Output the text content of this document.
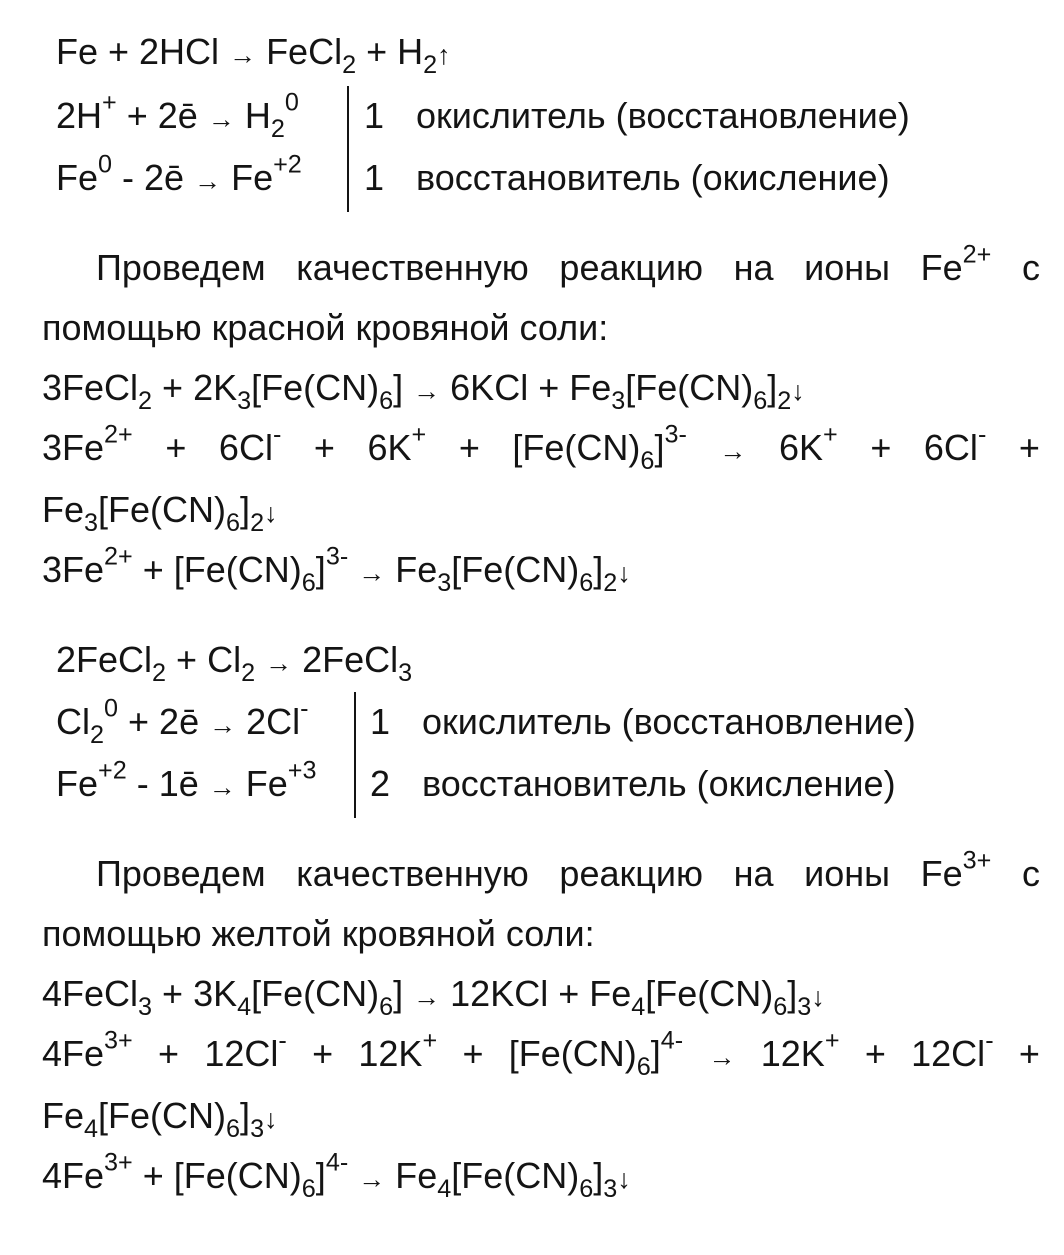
Fe + 2HCl → FeCl$_2$ + $H_2↑$
2H+ + 2ē → $H_2^0$
Fe$^0$ - 2ē → $Fe^{+2}$
1
1
окислитель (восстановление)
восстановитель (окисление)
Проведем качественную реакцию на ионы $Fe^{2+}$ с
помощью красной кровяной соли:
3FeCl$_2$ + $2K_3[Fe(CN)_6] \to 6KCl$ + $Fe_3[Fe(CN)_6]_2↓$
$3Fe^{2+} + 6Cl^- + 6K^+ + [Fe(CN)_6]^{3-} \to 6K^+ + 6Cl^-$ +
$Fe_3[Fe(CN)_6]_2↓$
$3Fe^{2+} + [Fe(CN)_6]^{3-}$ → $Fe_3[Fe(CN)_6]_2↓$
2FeCl$_2$ + $Cl_2$ → 2FeCl$_3$
$Cl_2^0$ + 2ē → 2Cl-
$Fe^{+2}$ - 1ē → $Fe^{+3}$
1
2
окислитель (восстановление)
восстановитель (окисление)
Проведем качественную реакцию на ионы $Fe^{3+}$ с
помощью желтой кровяной соли:
4FeCl$_3$ + $3K_4[Fe(CN)_6] \to 12KCl$ + $Fe_4[Fe(CN)_6]_3↓$
$4Fe^{3+} + 12Cl^- + 12K^+ + [Fe(CN)_6]^{4-} \to 12K^+ + 12Cl^-$ +
$Fe_4[Fe(CN)_6]_3↓$
$4Fe^{3+} + [Fe(CN)_6]^{4-}$ → $Fe_4[Fe(CN)_6]_3↓$
